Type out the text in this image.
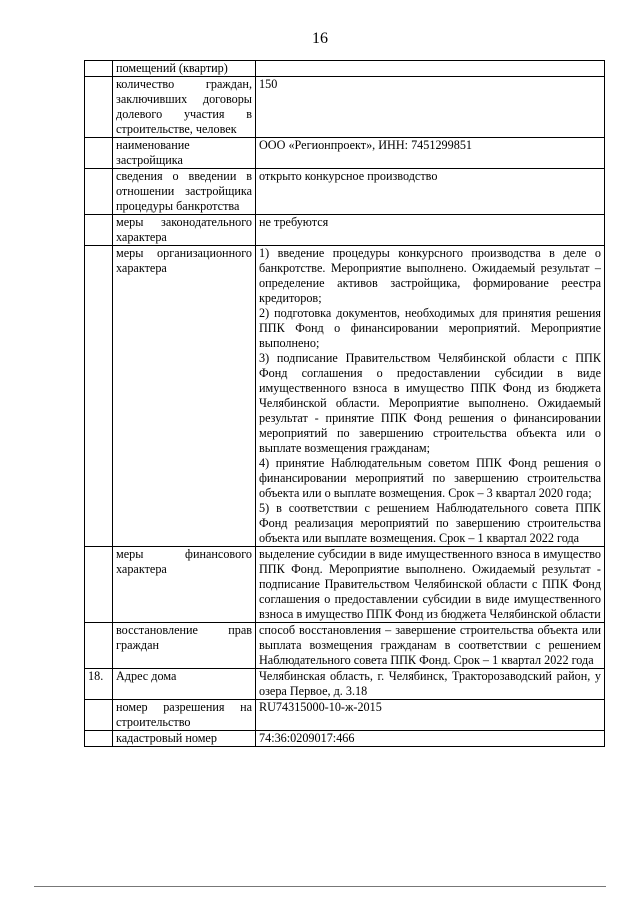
16
	помещений (квартир)	

	количество граждан, заключивших договоры долевого участия в строительстве, человек	150

	наименование застройщика	ООО «Регионпроект», ИНН: 7451299851

	сведения о введении в отношении застройщика процедуры банкротства	открыто конкурсное производство

	меры законодательного характера	не требуются

	меры организационного характера	1) введение процедуры конкурсного производства в деле о банкротстве. Мероприятие выполнено. Ожидаемый результат – определение активов застройщика, формирование реестра кредиторов;
2) подготовка документов, необходимых для принятия решения ППК Фонд о финансировании мероприятий. Мероприятие выполнено;
3) подписание Правительством Челябинской области с ППК Фонд соглашения о предоставлении субсидии в виде имущественного взноса в имущество ППК Фонд из бюджета Челябинской области. Мероприятие выполнено. Ожидаемый результат - принятие ППК Фонд решения о финансировании мероприятий по завершению строительства объекта или о выплате возмещения гражданам;
4) принятие Наблюдательным советом ППК Фонд решения о финансировании мероприятий по завершению строительства объекта или о выплате возмещения. Срок – 3 квартал 2020 года;
5) в соответствии с решением Наблюдательного совета ППК Фонд реализация мероприятий по завершению строительства объекта или выплате возмещения. Срок – 1 квартал 2022 года

	меры финансового характера	выделение субсидии в виде имущественного взноса в имущество ППК Фонд. Мероприятие выполнено. Ожидаемый результат - подписание Правительством Челябинской области с ППК Фонд соглашения о предоставлении субсидии в виде имущественного взноса в имущество ППК Фонд из бюджета Челябинской области

	восстановление прав граждан	способ восстановления – завершение строительства объекта или выплата возмещения гражданам в соответствии с решением Наблюдательного совета ППК Фонд. Срок – 1 квартал 2022 года

18.	Адрес дома	Челябинская область, г. Челябинск, Тракторозаводский район, у озера Первое, д. 3.18

	номер разрешения на строительство	RU74315000-10-ж-2015

	кадастровый номер	74:36:0209017:466
